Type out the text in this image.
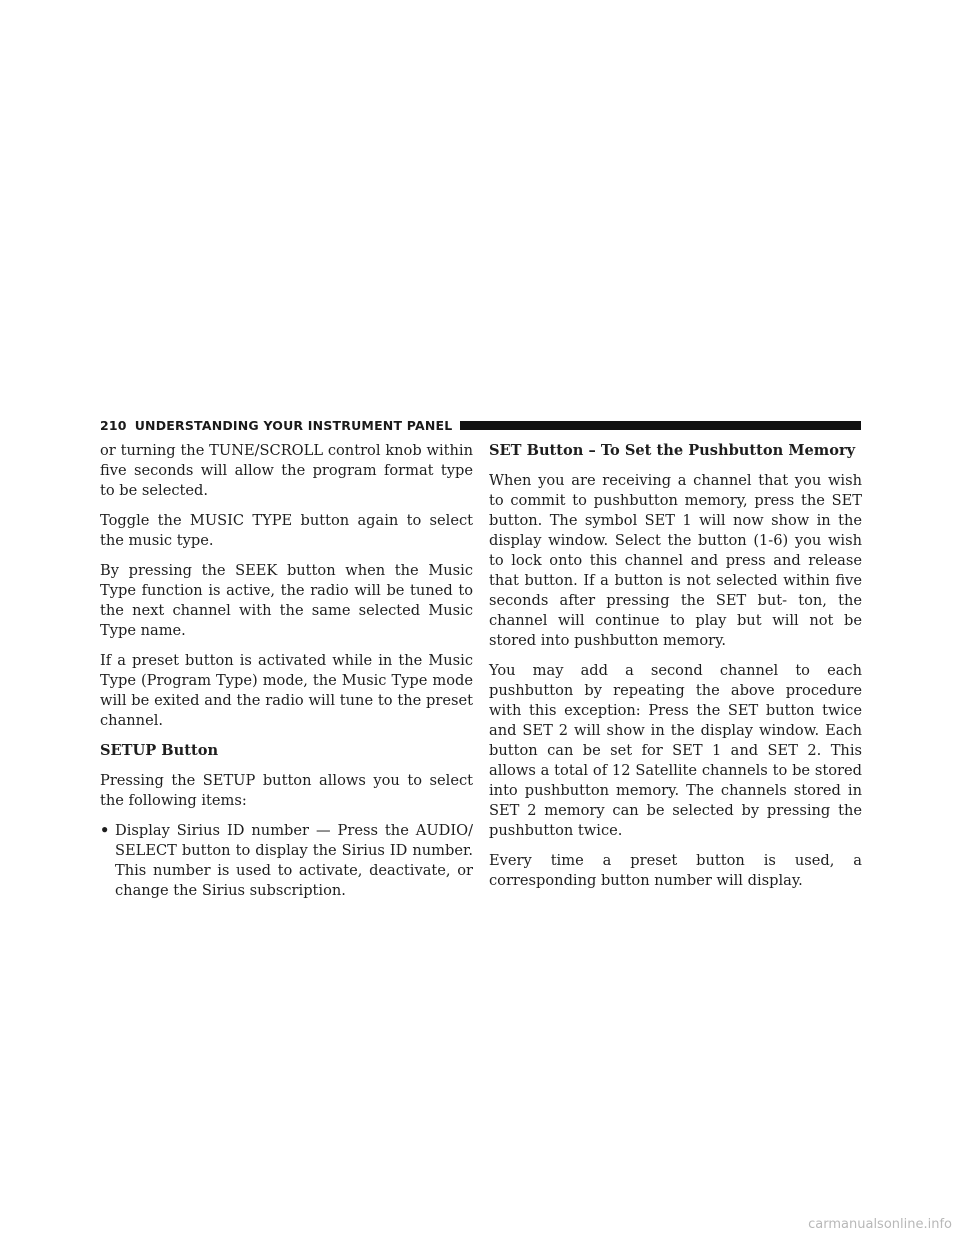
210 UNDERSTANDING YOUR INSTRUMENT PANEL

or turning the TUNE/SCROLL control knob within five seconds will allow the program format type to be selected.

Toggle the MUSIC TYPE button again to select the music type.

By pressing the SEEK button when the Music Type function is active, the radio will be tuned to the next channel with the same selected Music Type name.

If a preset button is activated while in the Music Type (Program Type) mode, the Music Type mode will be exited and the radio will tune to the preset channel.

SETUP Button

Pressing the SETUP button allows you to select the following items:

• Display Sirius ID number — Press the AUDIO/ SELECT button to display the Sirius ID number. This number is used to activate, deactivate, or change the Sirius subscription.

SET Button – To Set the Pushbutton Memory

When you are receiving a channel that you wish to commit to pushbutton memory, press the SET button. The symbol SET 1 will now show in the display window. Select the button (1-6) you wish to lock onto this channel and press and release that button. If a button is not selected within five seconds after pressing the SET but- ton, the channel will continue to play but will not be stored into pushbutton memory.

You may add a second channel to each pushbutton by repeating the above procedure with this exception: Press the SET button twice and SET 2 will show in the display window. Each button can be set for SET 1 and SET 2. This allows a total of 12 Satellite channels to be stored into pushbutton memory. The channels stored in SET 2 memory can be selected by pressing the pushbutton twice.

Every time a preset button is used, a corresponding button number will display.

carmanualsonline.info
